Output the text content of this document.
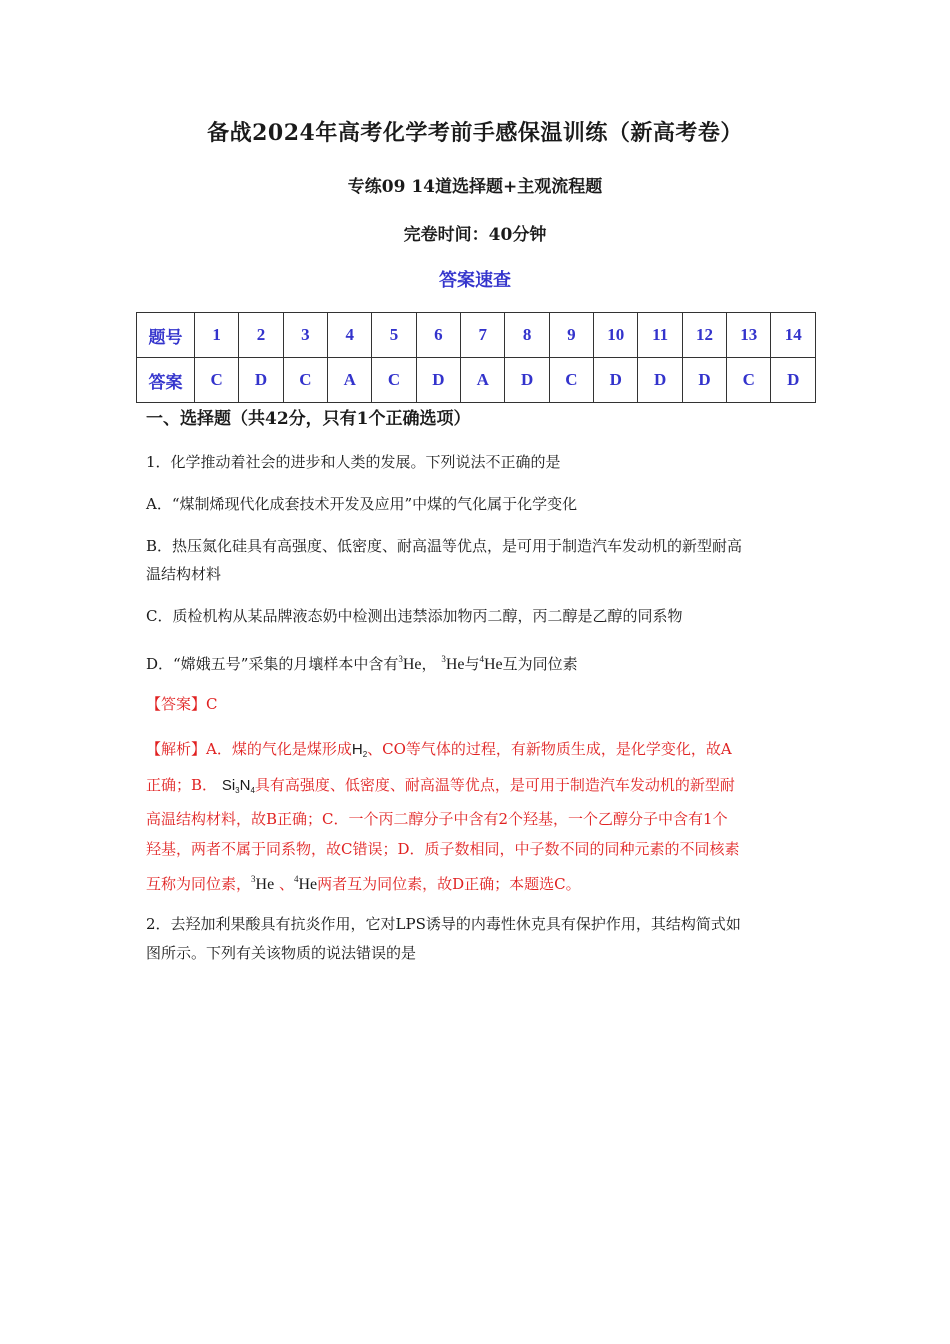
备战2024年高考化学考前手感保温训练（新高考卷）
专练09 14道选择题+主观流程题
完卷时间：40分钟
答案速查
题号	1	2	3	4	5	6	7	8	9	10	11	12	13	14
答案	C	D	C	A	C	D	A	D	C	D	D	D	C	D
一、选择题（共42分，只有1个正确选项）
1．化学推动着社会的进步和人类的发展。下列说法不正确的是
A．“煤制烯现代化成套技术开发及应用”中煤的气化属于化学变化
B．热压氮化硅具有高强度、低密度、耐高温等优点，是可用于制造汽车发动机的新型耐高
温结构材料
C．质检机构从某品牌液态奶中检测出违禁添加物丙二醇，丙二醇是乙醇的同系物
D．“嫦娥五号”采集的月壤样本中含有$^3$He， $^3$He与$^4$He互为同位素
【答案】C
【解析】A．煤的气化是煤形成$H_2$、CO等气体的过程，有新物质生成，是化学变化，故A
正确；B． $Si_3N_4$具有高强度、低密度、耐高温等优点，是可用于制造汽车发动机的新型耐
高温结构材料，故B正确；C．一个丙二醇分子中含有2个羟基，一个乙醇分子中含有1个
羟基，两者不属于同系物，故C错误；D．质子数相同，中子数不同的同种元素的不同核素
互称为同位素，$^3$He 、$^4$He两者互为同位素，故D正确；本题选C。
2．去羟加利果酸具有抗炎作用，它对LPS诱导的内毒性休克具有保护作用，其结构简式如
图所示。下列有关该物质的说法错误的是
